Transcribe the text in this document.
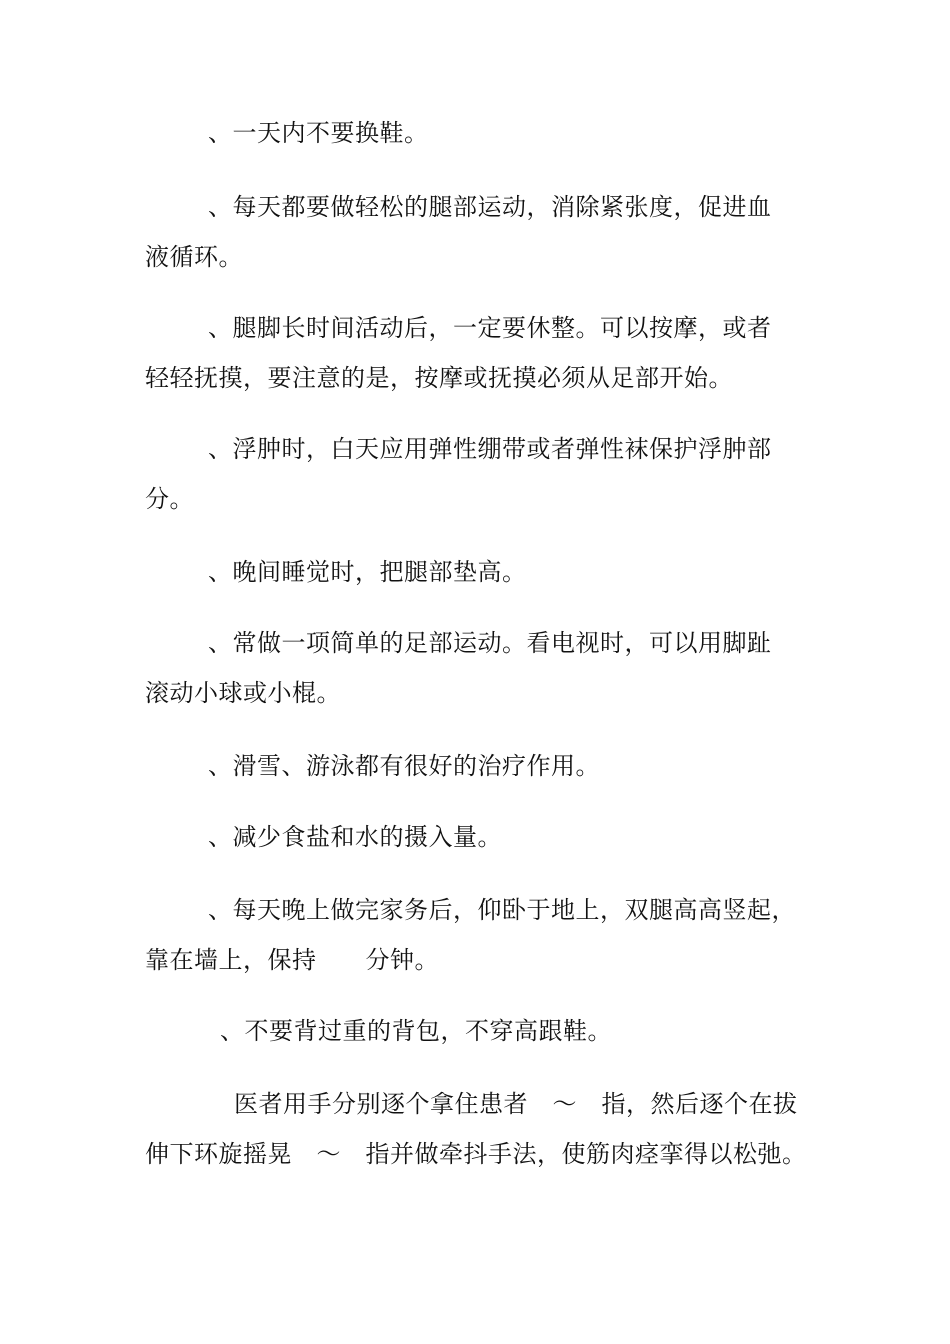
、一天内不要换鞋。
、每天都要做轻松的腿部运动，消除紧张度，促进血
液循环。
、腿脚长时间活动后，一定要休整。可以按摩，或者
轻轻抚摸，要注意的是，按摩或抚摸必须从足部开始。
、浮肿时，白天应用弹性绷带或者弹性袜保护浮肿部
分。
、晚间睡觉时，把腿部垫高。
、常做一项简单的足部运动。看电视时，可以用脚趾
滚动小球或小棍。
、滑雪、游泳都有很好的治疗作用。
、减少食盐和水的摄入量。
、每天晚上做完家务后，仰卧于地上，双腿高高竖起，
靠在墙上，保持　　分钟。
、不要背过重的背包，不穿高跟鞋。
医者用手分别逐个拿住患者　～　指，然后逐个在拔
伸下环旋摇晃　～　指并做牵抖手法，使筋肉痉挛得以松弛。
